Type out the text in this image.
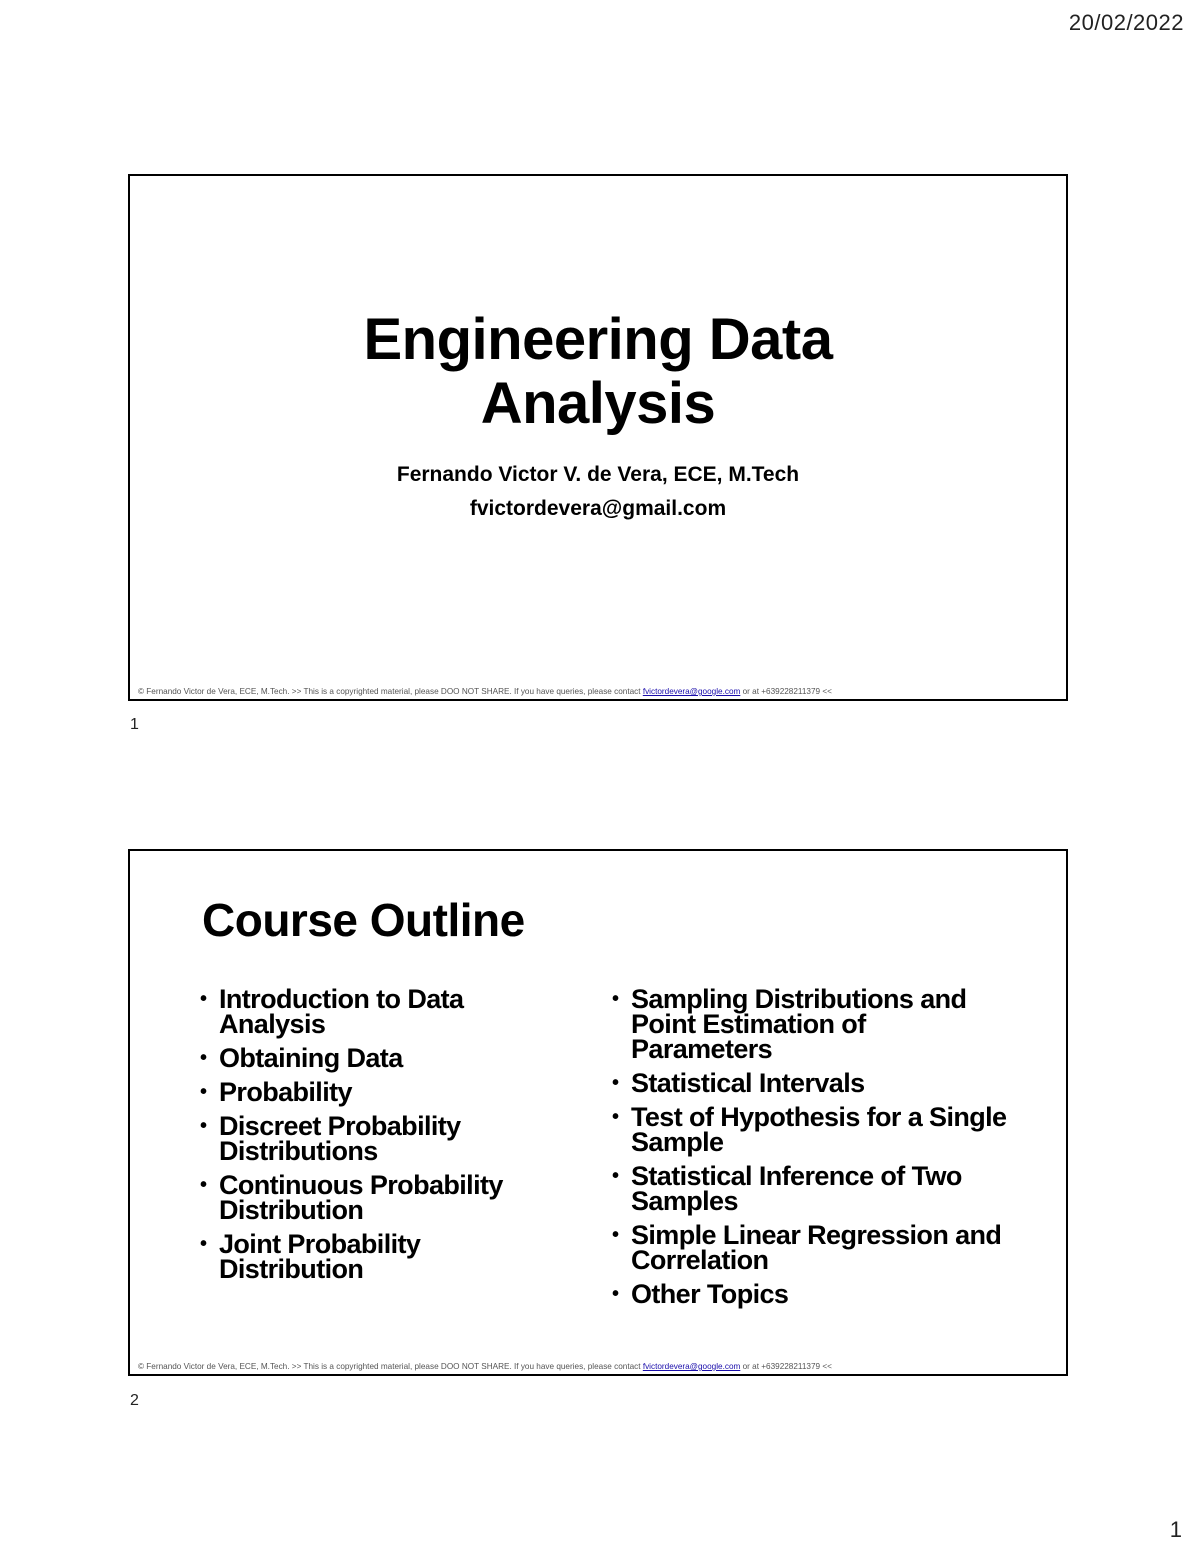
20/02/2022
Engineering Data Analysis
Fernando Victor V. de Vera, ECE, M.Tech
fvictordevera@gmail.com
© Fernando Victor de Vera, ECE, M.Tech. >> This is a copyrighted material, please DOO NOT SHARE. If you have queries, please contact fvictordevera@google.com or at +639228211379 <<
1
Course Outline
• Introduction to Data Analysis
• Obtaining Data
• Probability
• Discreet Probability Distributions
• Continuous Probability Distribution
• Joint Probability Distribution
• Sampling Distributions and Point Estimation of Parameters
• Statistical Intervals
• Test of Hypothesis for a Single Sample
• Statistical Inference of Two Samples
• Simple Linear Regression and Correlation
• Other Topics
© Fernando Victor de Vera, ECE, M.Tech. >> This is a copyrighted material, please DOO NOT SHARE. If you have queries, please contact fvictordevera@google.com or at +639228211379 <<
2
1
